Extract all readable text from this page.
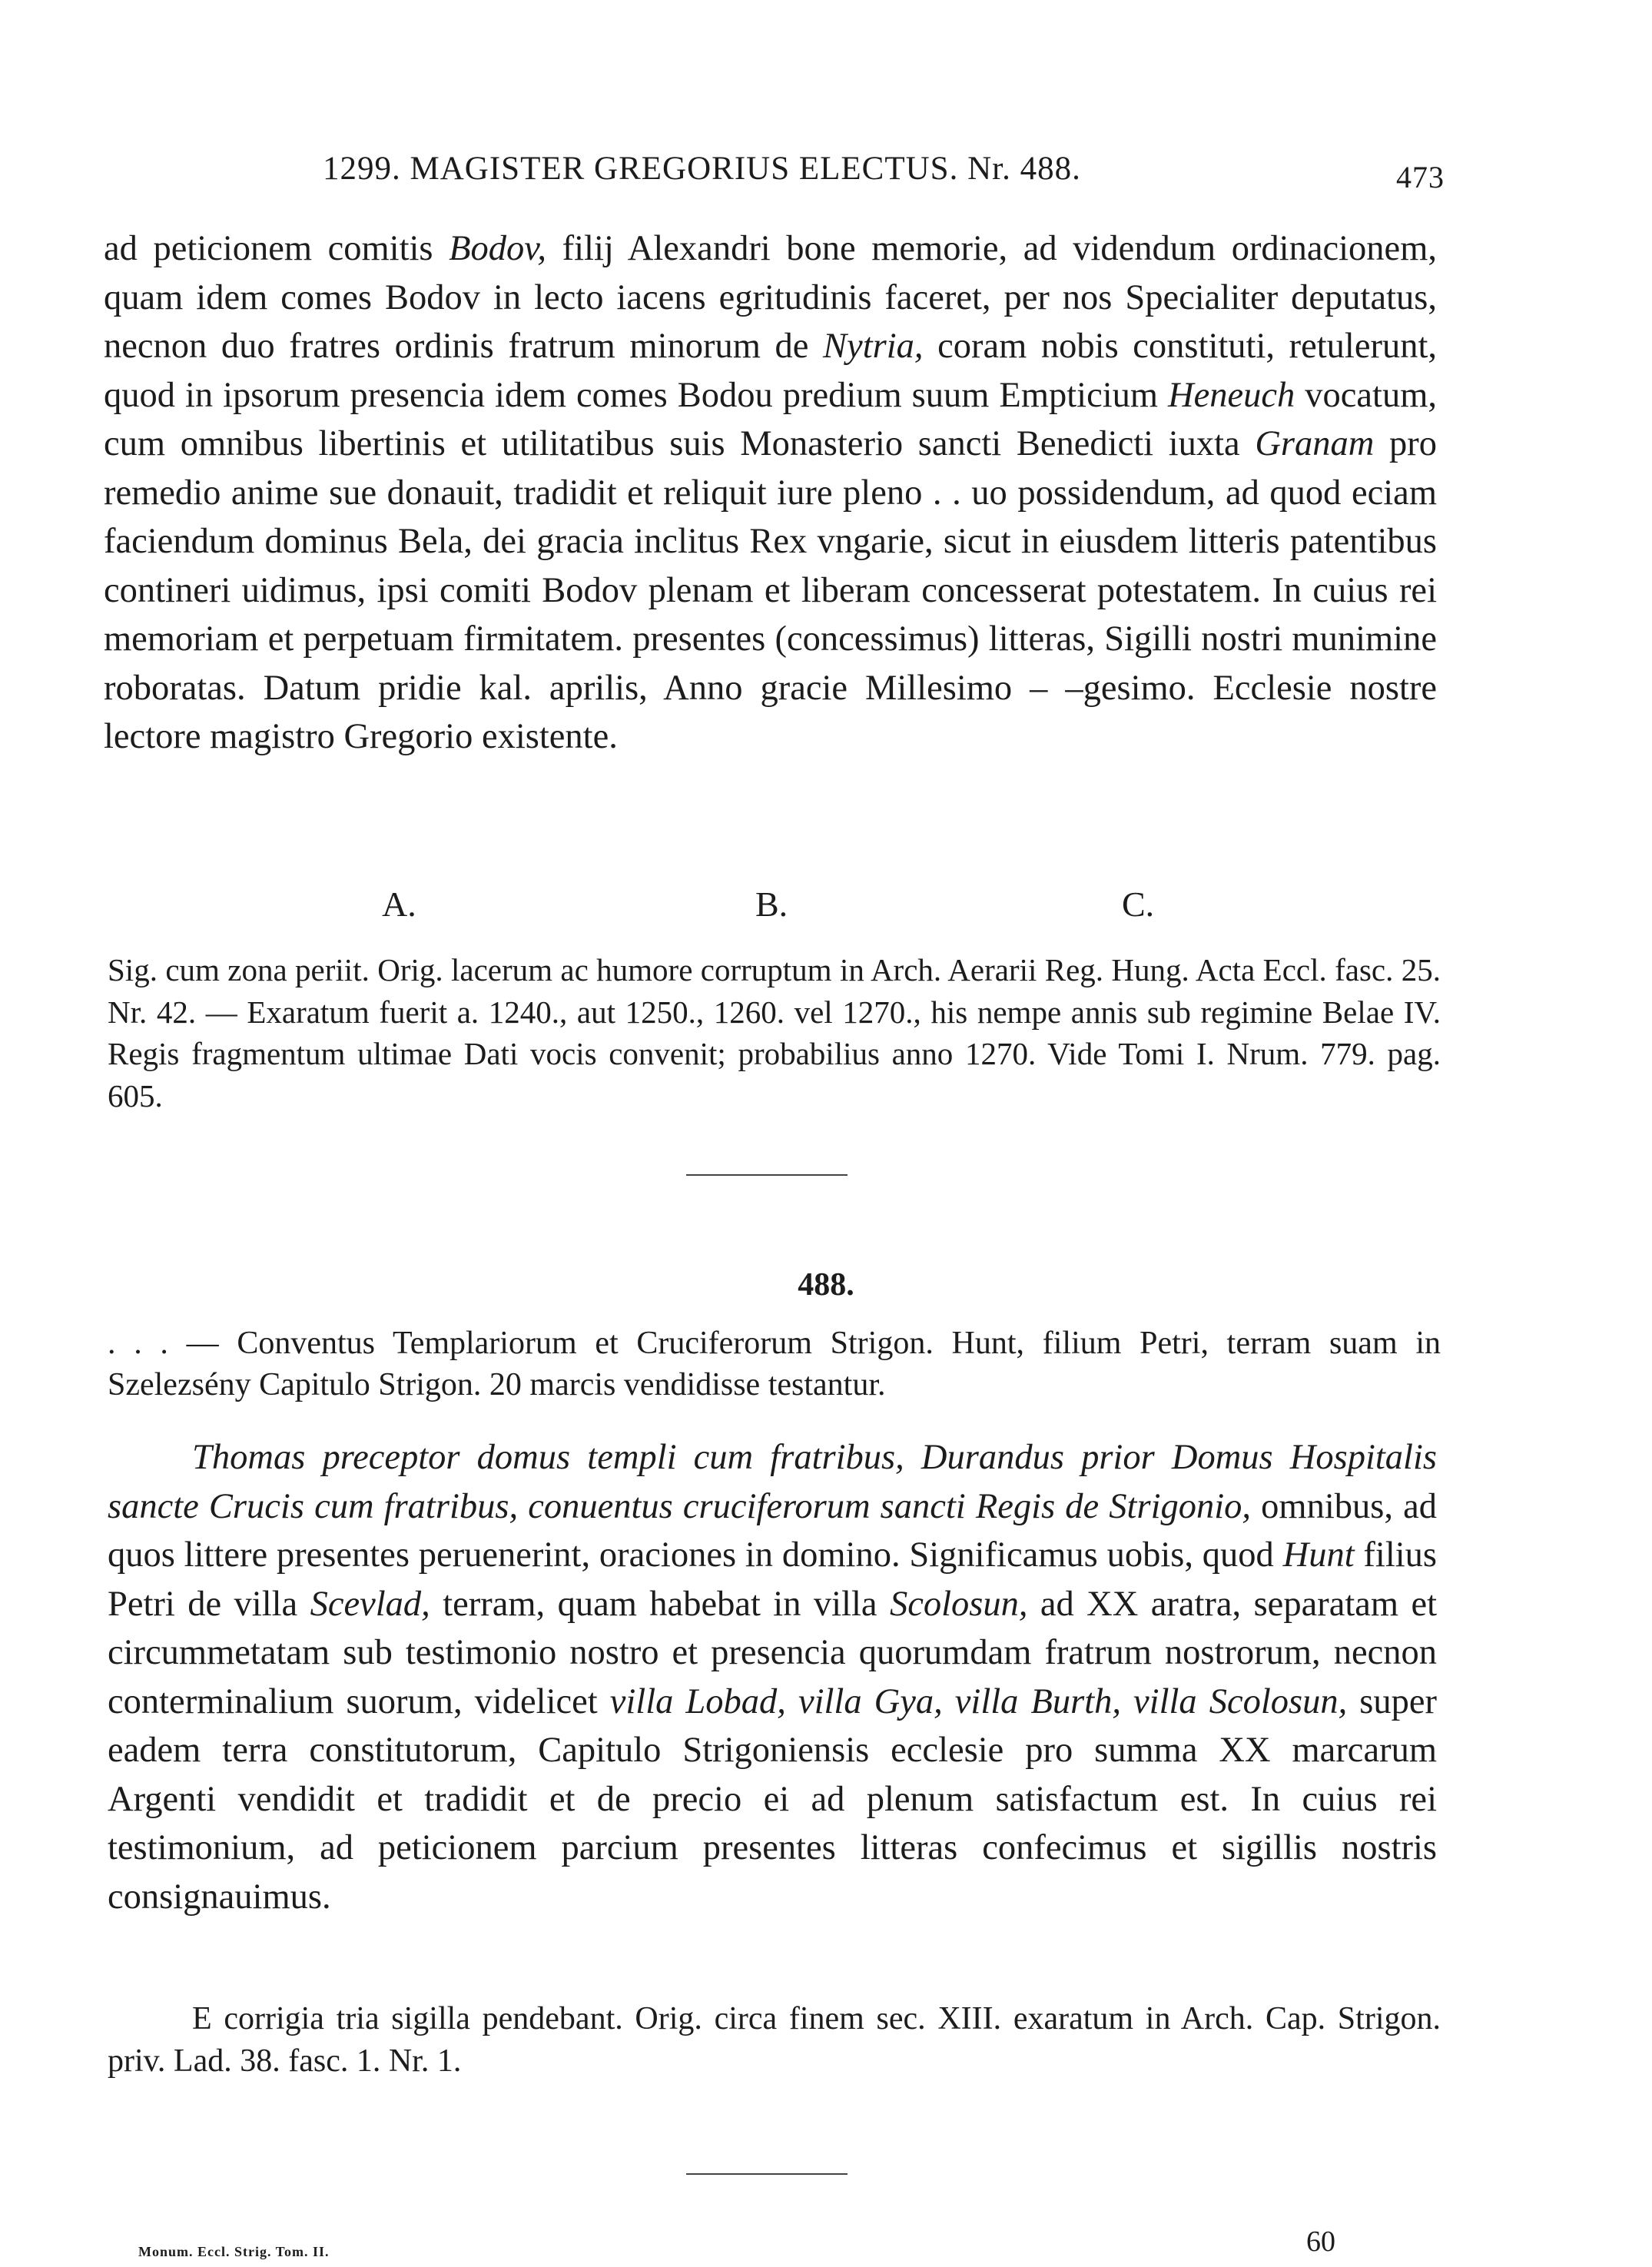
1299. MAGISTER GREGORIUS ELECTUS. Nr. 488.	473
ad peticionem comitis Bodov, filij Alexandri bone memorie, ad videndum ordinacionem, quam idem comes Bodov in lecto iacens egritudinis faceret, per nos Specialiter deputatus, necnon duo fratres ordinis fratrum minorum de Nytria, coram nobis constituti, retulerunt, quod in ipsorum presencia idem comes Bodou predium suum Empticium Heneuch vocatum, cum omnibus libertinis et utilitatibus suis Monasterio sancti Benedicti iuxta Granam pro remedio anime sue donauit, tradidit et reliquit iure pleno . . uo possidendum, ad quod eciam faciendum dominus Bela, dei gracia inclitus Rex vngarie, sicut in eiusdem litteris patentibus contineri uidimus, ipsi comiti Bodov plenam et liberam concesserat potestatem. In cuius rei memoriam et perpetuam firmitatem. presentes (concessimus) litteras, Sigilli nostri munimine roboratas. Datum pridie kal. aprilis, Anno gracie Millesimo – –gesimo. Ecclesie nostre lectore magistro Gregorio existente.
A.	B.	C.
Sig. cum zona periit. Orig. lacerum ac humore corruptum in Arch. Aerarii Reg. Hung. Acta Eccl. fasc. 25. Nr. 42. — Exaratum fuerit a. 1240., aut 1250., 1260. vel 1270., his nempe annis sub regimine Belae IV. Regis fragmentum ultimae Dati vocis convenit; probabilius anno 1270. Vide Tomi I. Nrum. 779. pag. 605.
488.
. . . — Conventus Templariorum et Cruciferorum Strigon. Hunt, filium Petri, terram suam in Szelezsény Capitulo Strigon. 20 marcis vendidisse testantur.
Thomas preceptor domus templi cum fratribus, Durandus prior Domus Hospitalis sancte Crucis cum fratribus, conuentus cruciferorum sancti Regis de Strigonio, omnibus, ad quos littere presentes peruenerint, oraciones in domino. Significamus uobis, quod Hunt filius Petri de villa Scevlad, terram, quam habebat in villa Scolosun, ad XX aratra, separatam et circummetatam sub testimonio nostro et presencia quorumdam fratrum nostrorum, necnon conterminalium suorum, videlicet villa Lobad, villa Gya, villa Burth, villa Scolosun, super eadem terra constitutorum, Capitulo Strigoniensis ecclesie pro summa XX marcarum Argenti vendidit et tradidit et de precio ei ad plenum satisfactum est. In cuius rei testimonium, ad peticionem parcium presentes litteras confecimus et sigillis nostris consignauimus.
E corrigia tria sigilla pendebant. Orig. circa finem sec. XIII. exaratum in Arch. Cap. Strigon. priv. Lad. 38. fasc. 1. Nr. 1.
Monum. Eccl. Strig. Tom. II.	60
